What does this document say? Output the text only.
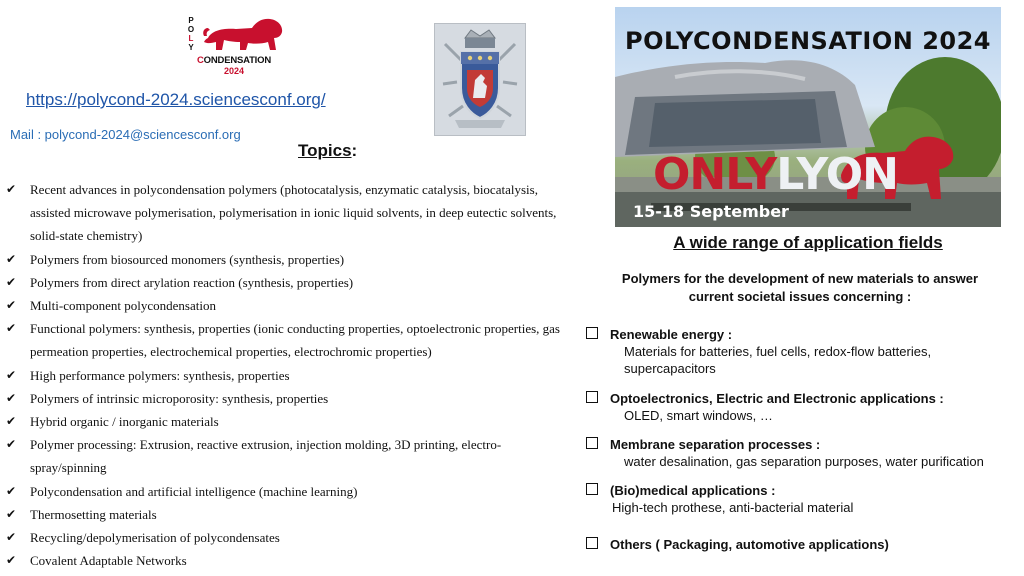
P
O
L
Y
CONDENSATION
2024
https://polycond-2024.sciencesconf.org/
Mail : polycond-2024@sciencesconf.org
Topics:
✔ Recent advances in polycondensation polymers (photocatalysis, enzymatic catalysis, biocatalysis, assisted microwave polymerisation, polymerisation in ionic liquid solvents, in deep eutectic solvents, solid-state chemistry)
✔ Polymers from biosourced monomers (synthesis, properties)
✔ Polymers from direct arylation reaction (synthesis, properties)
✔ Multi-component polycondensation
✔ Functional polymers: synthesis, properties (ionic conducting properties, optoelectronic properties, gas permeation properties, electrochemical properties, electrochromic properties)
✔ High performance polymers: synthesis, properties
✔ Polymers of intrinsic microporosity: synthesis, properties
✔ Hybrid organic / inorganic materials
✔ Polymer processing: Extrusion, reactive extrusion, injection molding, 3D printing, electro-spray/spinning
✔ Polycondensation and artificial intelligence (machine learning)
✔ Thermosetting materials
✔ Recycling/depolymerisation of polycondensates
✔ Covalent Adaptable Networks
ONLYLYON
POLYCONDENSATION 2024
15-18 September
A wide range of application fields
Polymers for the development of new materials to answer current societal issues concerning :
Renewable energy :
Materials for batteries, fuel cells, redox-flow batteries, supercapacitors
Optoelectronics, Electric and Electronic applications :
OLED, smart windows, …
Membrane separation processes :
water desalination, gas separation purposes, water purification
(Bio)medical applications :
High-tech prothese, anti-bacterial material
Others ( Packaging, automotive applications)
